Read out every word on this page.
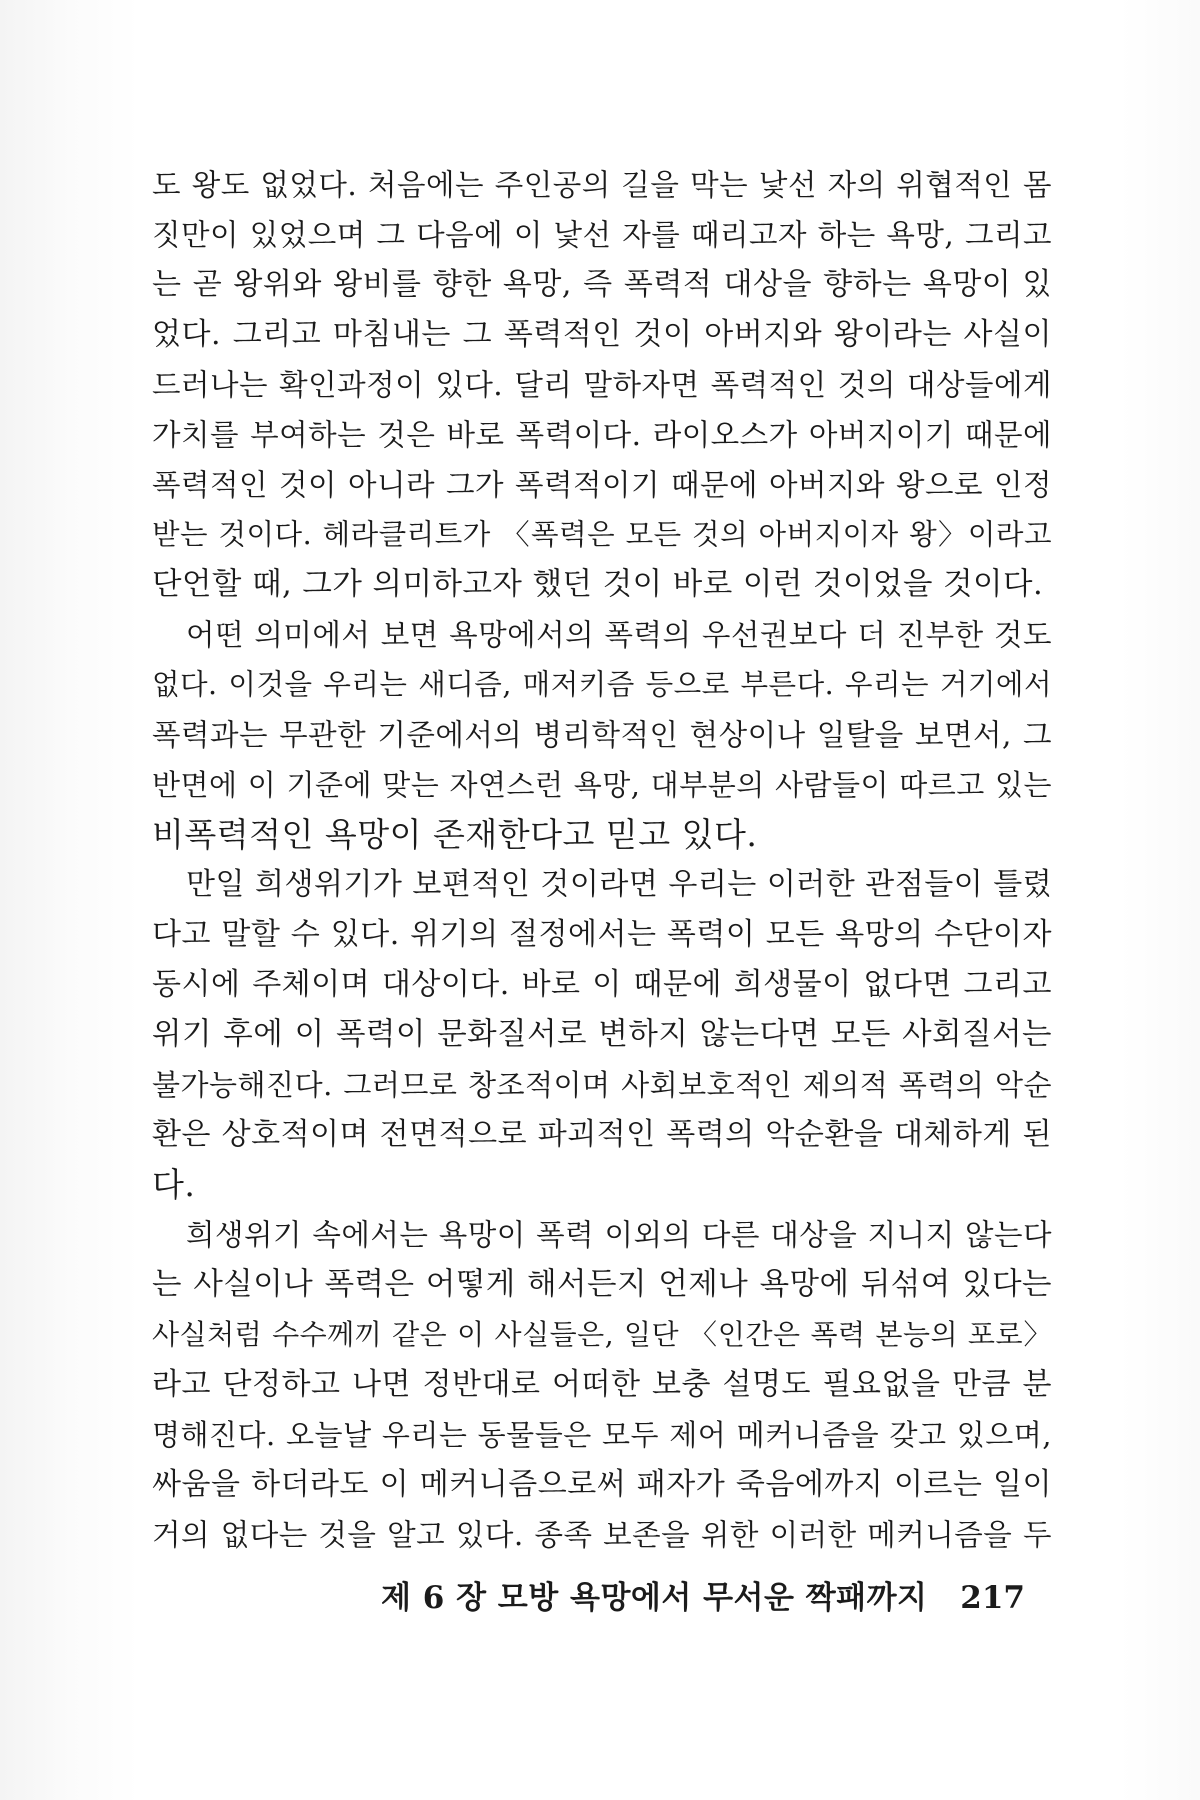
도 왕도 없었다. 처음에는 주인공의 길을 막는 낯선 자의 위협적인 몸
짓만이 있었으며 그 다음에 이 낯선 자를 때리고자 하는 욕망, 그리고
는 곧 왕위와 왕비를 향한 욕망, 즉 폭력적 대상을 향하는 욕망이 있
었다. 그리고 마침내는 그 폭력적인 것이 아버지와 왕이라는 사실이
드러나는 확인과정이 있다. 달리 말하자면 폭력적인 것의 대상들에게
가치를 부여하는 것은 바로 폭력이다. 라이오스가 아버지이기 때문에
폭력적인 것이 아니라 그가 폭력적이기 때문에 아버지와 왕으로 인정
받는 것이다. 헤라클리트가 〈폭력은 모든 것의 아버지이자 왕〉이라고
단언할 때, 그가 의미하고자 했던 것이 바로 이런 것이었을 것이다.
어떤 의미에서 보면 욕망에서의 폭력의 우선권보다 더 진부한 것도
없다. 이것을 우리는 새디즘, 매저키즘 등으로 부른다. 우리는 거기에서
폭력과는 무관한 기준에서의 병리학적인 현상이나 일탈을 보면서, 그
반면에 이 기준에 맞는 자연스런 욕망, 대부분의 사람들이 따르고 있는
비폭력적인 욕망이 존재한다고 믿고 있다.
만일 희생위기가 보편적인 것이라면 우리는 이러한 관점들이 틀렸
다고 말할 수 있다. 위기의 절정에서는 폭력이 모든 욕망의 수단이자
동시에 주체이며 대상이다. 바로 이 때문에 희생물이 없다면 그리고
위기 후에 이 폭력이 문화질서로 변하지 않는다면 모든 사회질서는
불가능해진다. 그러므로 창조적이며 사회보호적인 제의적 폭력의 악순
환은 상호적이며 전면적으로 파괴적인 폭력의 악순환을 대체하게 된
다.
희생위기 속에서는 욕망이 폭력 이외의 다른 대상을 지니지 않는다
는 사실이나 폭력은 어떻게 해서든지 언제나 욕망에 뒤섞여 있다는
사실처럼 수수께끼 같은 이 사실들은, 일단 〈인간은 폭력 본능의 포로〉
라고 단정하고 나면 정반대로 어떠한 보충 설명도 필요없을 만큼 분
명해진다. 오늘날 우리는 동물들은 모두 제어 메커니즘을 갖고 있으며,
싸움을 하더라도 이 메커니즘으로써 패자가 죽음에까지 이르는 일이
거의 없다는 것을 알고 있다. 종족 보존을 위한 이러한 메커니즘을 두
제 6 장 모방 욕망에서 무서운 짝패까지 217
